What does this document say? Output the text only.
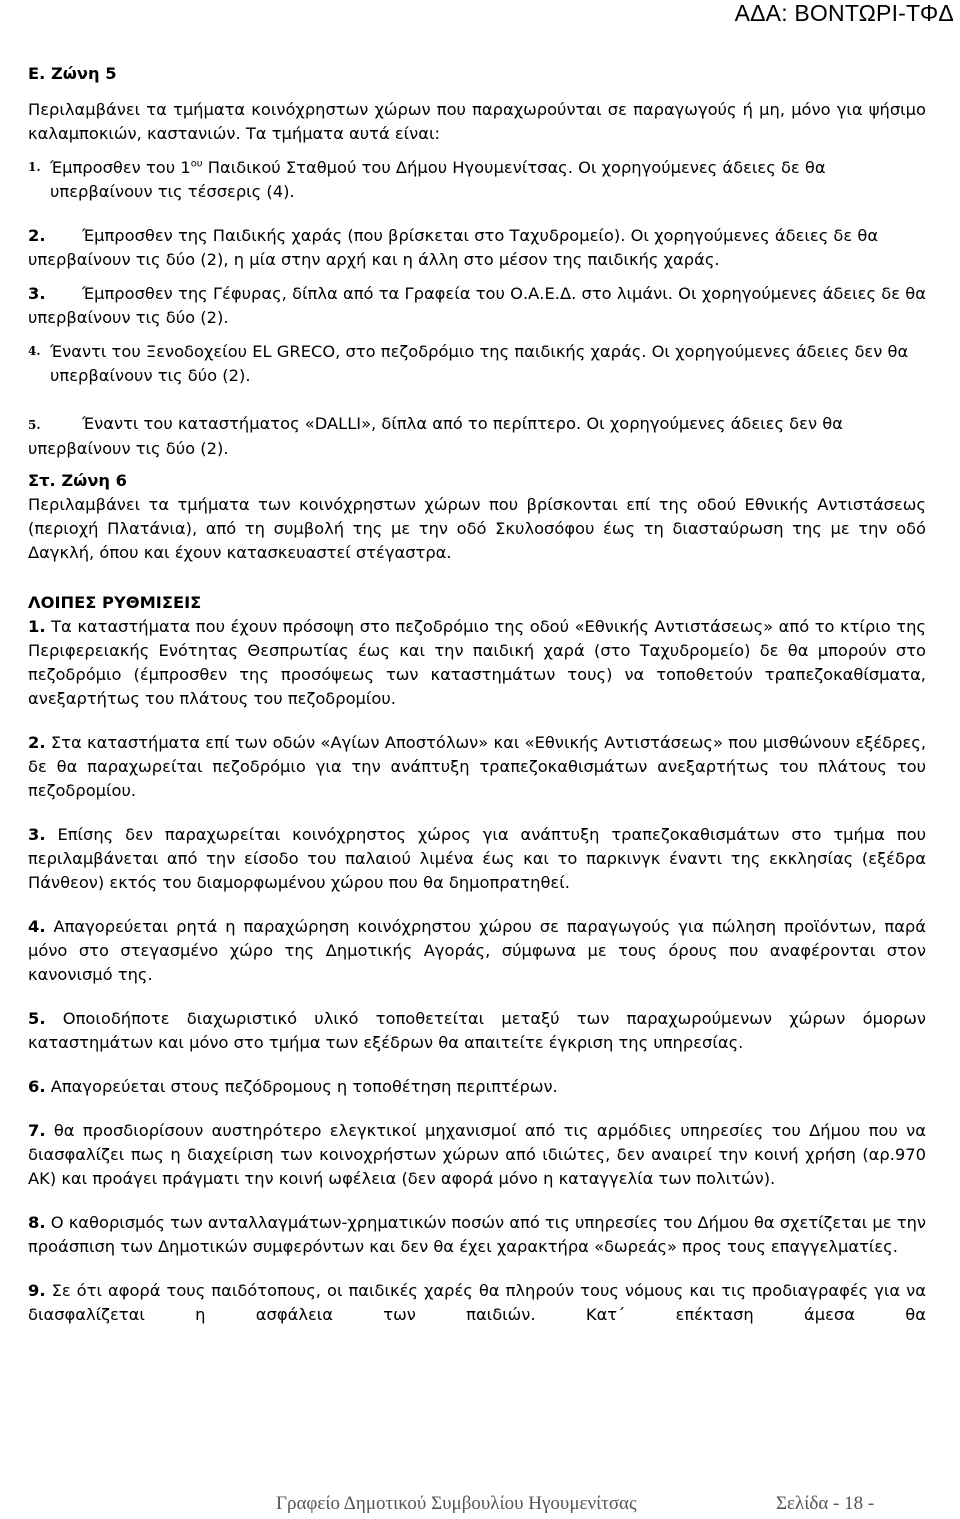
ΑΔΑ: ΒΟΝΤΩΡΙ-ΤΦΔ

Ε. Ζώνη 5

Περιλαμβάνει τα τμήματα κοινόχρηστων χώρων που παραχωρούνται σε παραγωγούς ή μη, μόνο για ψήσιμο καλαμποκιών, καστανιών. Τα τμήματα αυτά είναι:

1. Έμπροσθεν του $1^{o\upsilon}$ Παιδικού Σταθμού του Δήμου Ηγουμενίτσας. Οι χορηγούμενες άδειες δε θα υπερβαίνουν τις τέσσερις (4).
2.	Έμπροσθεν της Παιδικής χαράς (που βρίσκεται στο Ταχυδρομείο). Οι χορηγούμενες άδειες δε θα υπερβαίνουν τις δύο (2), η μία στην αρχή και η άλλη στο μέσον της παιδικής χαράς.

3. Έμπροσθεν της Γέφυρας, δίπλα από τα Γραφεία του Ο.Α.Ε.Δ. στο λιμάνι. Οι χορηγούμενες άδειες δε θα υπερβαίνουν τις δύο (2).

4. Έναντι του Ξενοδοχείου EL GRECO, στο πεζοδρόμιο της παιδικής χαράς. Οι χορηγούμενες άδειες δεν θα υπερβαίνουν τις δύο (2).

5.	Έναντι του καταστήματος «DALLI», δίπλα από το περίπτερο. Οι χορηγούμενες άδειες δεν θα υπερβαίνουν τις δύο (2).

Στ. Ζώνη 6

Περιλαμβάνει τα τμήματα των κοινόχρηστων χώρων που βρίσκονται επί της οδού Εθνικής Αντιστάσεως (περιοχή Πλατάνια), από τη συμβολή της με την οδό Σκυλοσόφου έως τη διασταύρωση της με την οδό Δαγκλή, όπου και έχουν κατασκευαστεί στέγαστρα.

ΛΟΙΠΕΣ ΡΥΘΜΙΣΕΙΣ

1. Τα καταστήματα που έχουν πρόσοψη στο πεζοδρόμιο της οδού «Εθνικής Αντιστάσεως» από το κτίριο της Περιφερειακής Ενότητας Θεσπρωτίας έως και την παιδική χαρά (στο Ταχυδρομείο) δε θα μπορούν στο πεζοδρόμιο (έμπροσθεν της προσόψεως των καταστημάτων τους) να τοποθετούν τραπεζοκαθίσματα, ανεξαρτήτως του πλάτους του πεζοδρομίου.

2. Στα καταστήματα επί των οδών «Αγίων Αποστόλων» και «Εθνικής Αντιστάσεως» που μισθώνουν εξέδρες, δε θα παραχωρείται πεζοδρόμιο για την ανάπτυξη τραπεζοκαθισμάτων ανεξαρτήτως του πλάτους του πεζοδρομίου.

3. Επίσης δεν παραχωρείται κοινόχρηστος χώρος για ανάπτυξη τραπεζοκαθισμάτων στο τμήμα που περιλαμβάνεται από την είσοδο του παλαιού λιμένα έως και το παρκινγκ έναντι της εκκλησίας (εξέδρα Πάνθεον) εκτός του διαμορφωμένου χώρου που θα δημοπρατηθεί.

4. Απαγορεύεται ρητά η παραχώρηση κοινόχρηστου χώρου σε παραγωγούς για πώληση προϊόντων, παρά μόνο στο στεγασμένο χώρο της Δημοτικής Αγοράς, σύμφωνα με τους όρους που αναφέρονται στον κανονισμό της.

5. Οποιοδήποτε διαχωριστικό υλικό τοποθετείται μεταξύ των παραχωρούμενων χώρων όμορων καταστημάτων και μόνο στο τμήμα των εξέδρων θα απαιτείτε έγκριση της υπηρεσίας.

6. Απαγορεύεται στους πεζόδρομους η τοποθέτηση περιπτέρων.

7. θα προσδιορίσουν αυστηρότερο ελεγκτικοί μηχανισμοί από τις αρμόδιες υπηρεσίες του Δήμου που να διασφαλίζει πως η διαχείριση των κοινοχρήστων χώρων από ιδιώτες, δεν αναιρεί την κοινή χρήση (αρ.970 ΑΚ) και προάγει πράγματι την κοινή ωφέλεια (δεν αφορά μόνο η καταγγελία των πολιτών).

8. Ο καθορισμός των ανταλλαγμάτων-χρηματικών ποσών από τις υπηρεσίες του Δήμου θα σχετίζεται με την προάσπιση των Δημοτικών συμφερόντων και δεν θα έχει χαρακτήρα «δωρεάς» προς τους επαγγελματίες.

9. Σε ότι αφορά τους παιδότοπους, οι παιδικές χαρές θα πληρούν τους νόμους και τις προδιαγραφές για να διασφαλίζεται η ασφάλεια των παιδιών. Κατ΄ επέκταση άμεσα θα

Γραφείο Δημοτικού Συμβουλίου Ηγουμενίτσας	Σελίδα - 18 -
